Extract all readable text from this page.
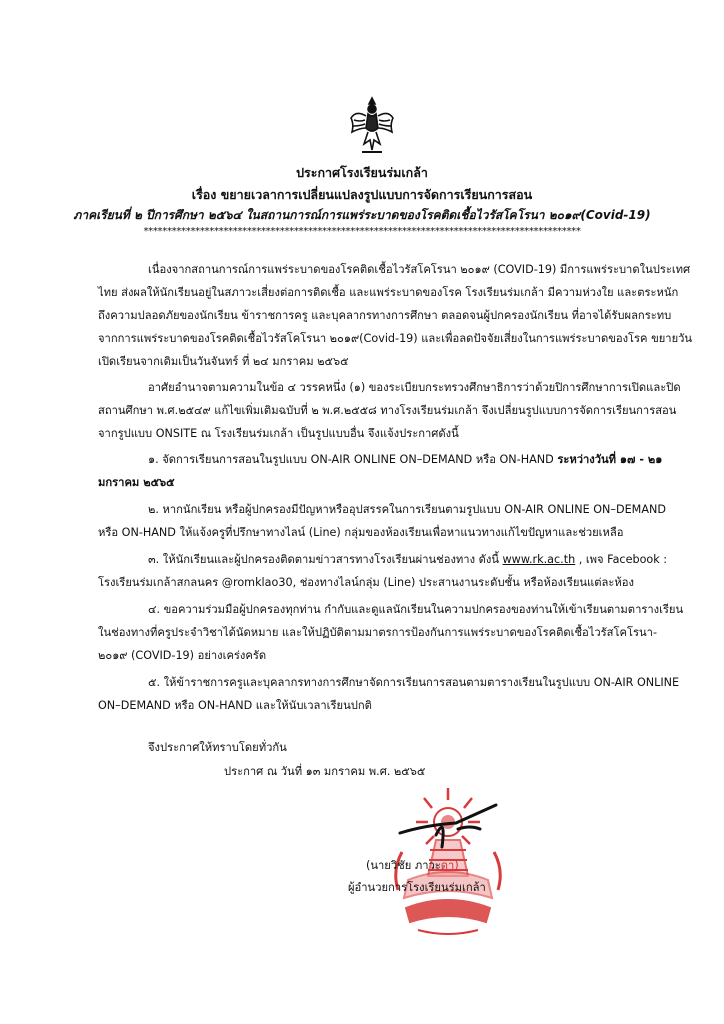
ประกาศโรงเรียนร่มเกล้า
เรื่อง ขยายเวลาการเปลี่ยนแปลงรูปแบบการจัดการเรียนการสอน
ภาคเรียนที่ ๒ ปีการศึกษา ๒๕๖๔ ในสถานการณ์การแพร่ระบาดของโรคติดเชื้อไวรัสโคโรนา ๒๐๑๙(Covid-19)
*********************************************************************************************
เนื่องจากสถานการณ์การแพร่ระบาดของโรคติดเชื้อไวรัสโคโรนา ๒๐๑๙ (COVID-19) มีการแพร่ระบาดในประเทศ
ไทย ส่งผลให้นักเรียนอยู่ในสภาวะเสี่ยงต่อการติดเชื้อ และแพร่ระบาดของโรค โรงเรียนร่มเกล้า มีความห่วงใย และตระหนัก
ถึงความปลอดภัยของนักเรียน ข้าราชการครู และบุคลากรทางการศึกษา ตลอดจนผู้ปกครองนักเรียน ที่อาจได้รับผลกระทบ
จากการแพร่ระบาดของโรคติดเชื้อไวรัสโคโรนา ๒๐๑๙(Covid-19) และเพื่อลดปัจจัยเสี่ยงในการแพร่ระบาดของโรค ขยายวัน
เปิดเรียนจากเดิมเป็นวันจันทร์ ที่ ๒๔ มกราคม ๒๕๖๕
อาศัยอำนาจตามความในข้อ ๔ วรรคหนึ่ง (๑) ของระเบียบกระทรวงศึกษาธิการว่าด้วยปิการศึกษาการเปิดและปิด
สถานศึกษา พ.ศ.๒๕๔๙ แก้ไขเพิ่มเติมฉบับที่ ๒ พ.ศ.๒๕๕๘ ทางโรงเรียนร่มเกล้า จึงเปลี่ยนรูปแบบการจัดการเรียนการสอน
จากรูปแบบ ONSITE ณ โรงเรียนร่มเกล้า เป็นรูปแบบอื่น จึงแจ้งประกาศดังนี้
๑. จัดการเรียนการสอนในรูปแบบ ON-AIR ONLINE ON–DEMAND หรือ ON-HAND ระหว่างวันที่ ๑๗ - ๒๑
มกราคม ๒๕๖๕
๒. หากนักเรียน หรือผู้ปกครองมีปัญหาหรืออุปสรรคในการเรียนตามรูปแบบ ON-AIR ONLINE ON–DEMAND
หรือ ON-HAND ให้แจ้งครูที่ปรึกษาทางไลน์ (Line) กลุ่มของห้องเรียนเพื่อหาแนวทางแก้ไขปัญหาและช่วยเหลือ
๓. ให้นักเรียนและผู้ปกครองติดตามข่าวสารทางโรงเรียนผ่านช่องทาง ดังนี้ www.rk.ac.th , เพจ Facebook :
โรงเรียนร่มเกล้าสกลนคร @romklao30, ช่องทางไลน์กลุ่ม (Line) ประสานงานระดับชั้น หรือห้องเรียนแต่ละห้อง
๔. ขอความร่วมมือผู้ปกครองทุกท่าน กำกับและดูแลนักเรียนในความปกครองของท่านให้เข้าเรียนตามตารางเรียน
ในช่องทางที่ครูประจำวิชาได้นัดหมาย และให้ปฏิบัติตามมาตรการป้องกันการแพร่ระบาดของโรคติดเชื้อไวรัสโคโรนา-
๒๐๑๙ (COVID-19) อย่างเคร่งครัด
๕. ให้ข้าราชการครูและบุคลากรทางการศึกษาจัดการเรียนการสอนตามตารางเรียนในรูปแบบ ON-AIR ONLINE
ON–DEMAND หรือ ON-HAND และให้นับเวลาเรียนปกติ
จึงประกาศให้ทราบโดยทั่วกัน
ประกาศ ณ วันที่ ๑๓ มกราคม พ.ศ. ๒๕๖๕
(นายวิชัย ภาวะดา)
ผู้อำนวยการโรงเรียนร่มเกล้า
